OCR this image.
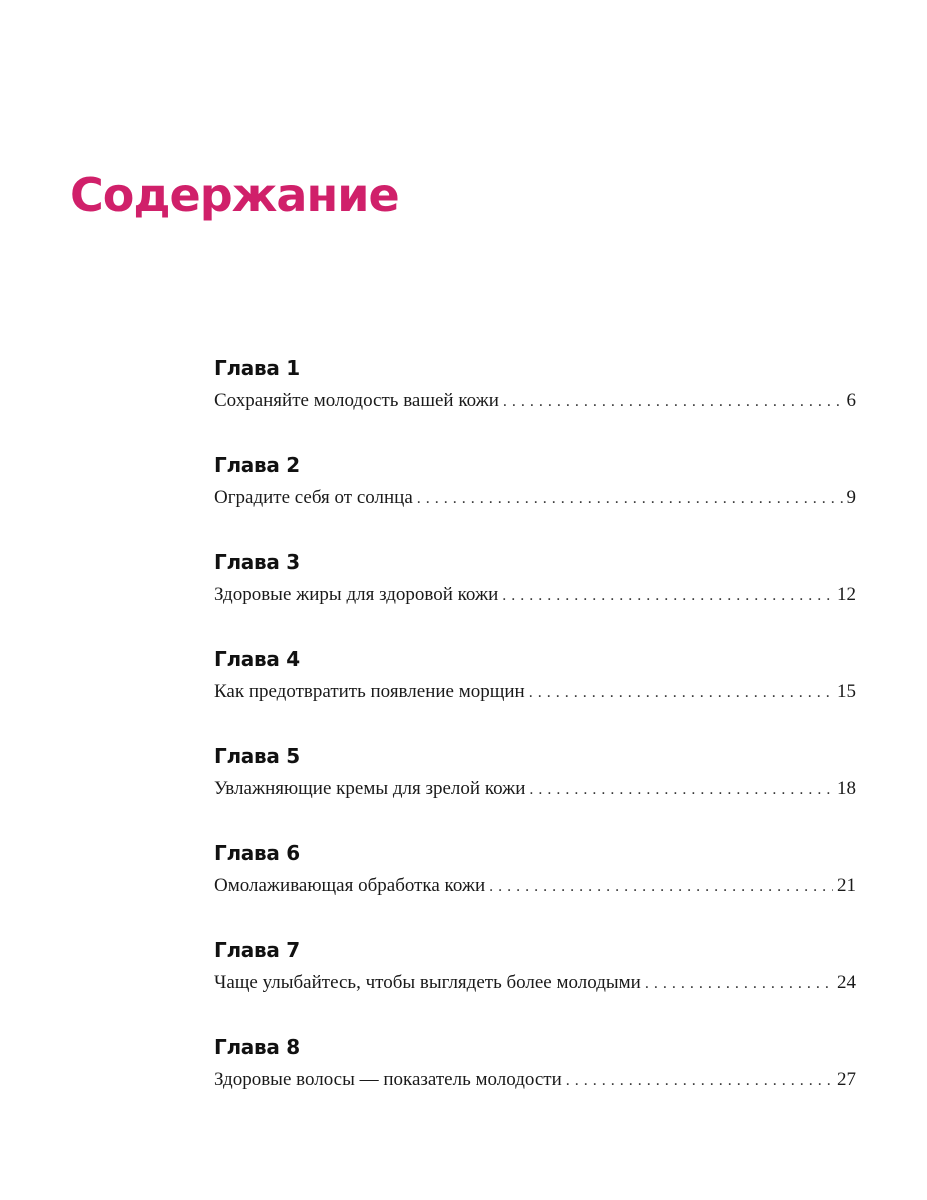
Содержание
Глава 1
Сохраняйте молодость вашей кожи . . .	6
Глава 2
Оградите себя от солнца . . .	9
Глава 3
Здоровые жиры для здоровой кожи . . .	12
Глава 4
Как предотвратить появление морщин . . .	15
Глава 5
Увлажняющие кремы для зрелой кожи . . .	18
Глава 6
Омолаживающая обработка кожи . . .	21
Глава 7
Чаще улыбайтесь, чтобы выглядеть более молодыми . . .	24
Глава 8
Здоровые волосы — показатель молодости . . .	27
